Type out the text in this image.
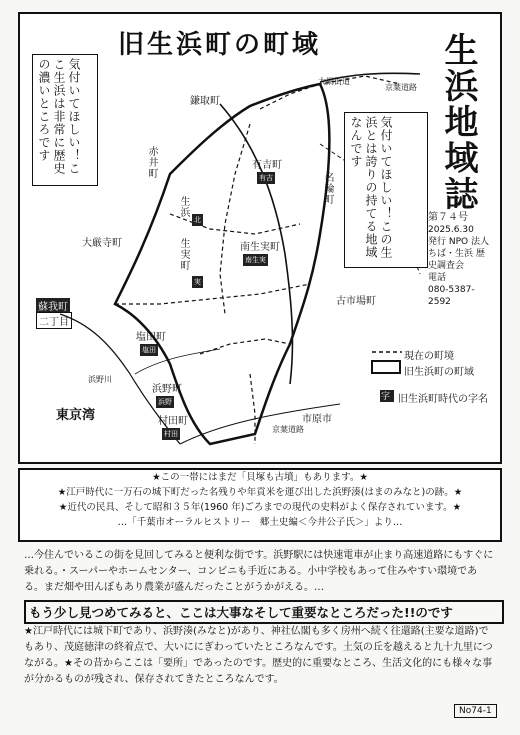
旧生浜町の町域
鎌取町
大網街道
京葉道路
赤井町
生浜
北
有吉町
有吉	名輪町
大厳寺町	生実町
実
南生実町
南生実
蘇我町
二丁目
古市場町
塩田町
塩田
浜野川
浜野町
浜野
東京湾	村田町
村田
市原市
京葉道路
現在の町境
旧生浜町の町域
字 旧生浜町時代の字名
気付いてほしい！ここ生浜は非常に歴史の濃いところです
気付いてほしい！この生浜とは誇りの持てる地域なんです	生浜地域誌
第７４号
2025.6.30
発行 NPO 法人 ちば・生浜 歴史調査会
電話
080-5387-2592
★この一帯にはまだ「貝塚も古墳」もあります。★
★江戸時代に一万石の城下町だった名残りや年貢米を運び出した浜野湊(はまのみなと)の跡。★
★近代の民具、そして昭和３５年(1960 年)ごろまでの現代の史料がよく保存されています。★
…「千葉市オーラルヒストリー　郷土史編＜今井公子氏＞」より…
…今住んでいるこの街を見回してみると便利な街です。浜野駅には快速電車が止まり高速道路にもすぐに乗れる。・スーパーやホームセンター、コンビニも手近にある。小中学校もあって住みやすい環境である。まだ畑や田んぼもあり農業が盛んだったことがうかがえる。…
もう少し見つめてみると、ここは大事なそして重要なところだった!!のです
★江戸時代には城下町であり、浜野湊(みなと)があり、神社仏閣も多く房州へ続く往還路(主要な道路)でもあり、茂庭徳津の終着点で、大いににぎわっていたところなんです。土気の丘を越えると九十九里につながる。★その昔からここは「要所」であったのです。歴史的に重要なところ、生活文化的にも様々な事が分かるものが残され、保存されてきたところなんです。
No74-1
